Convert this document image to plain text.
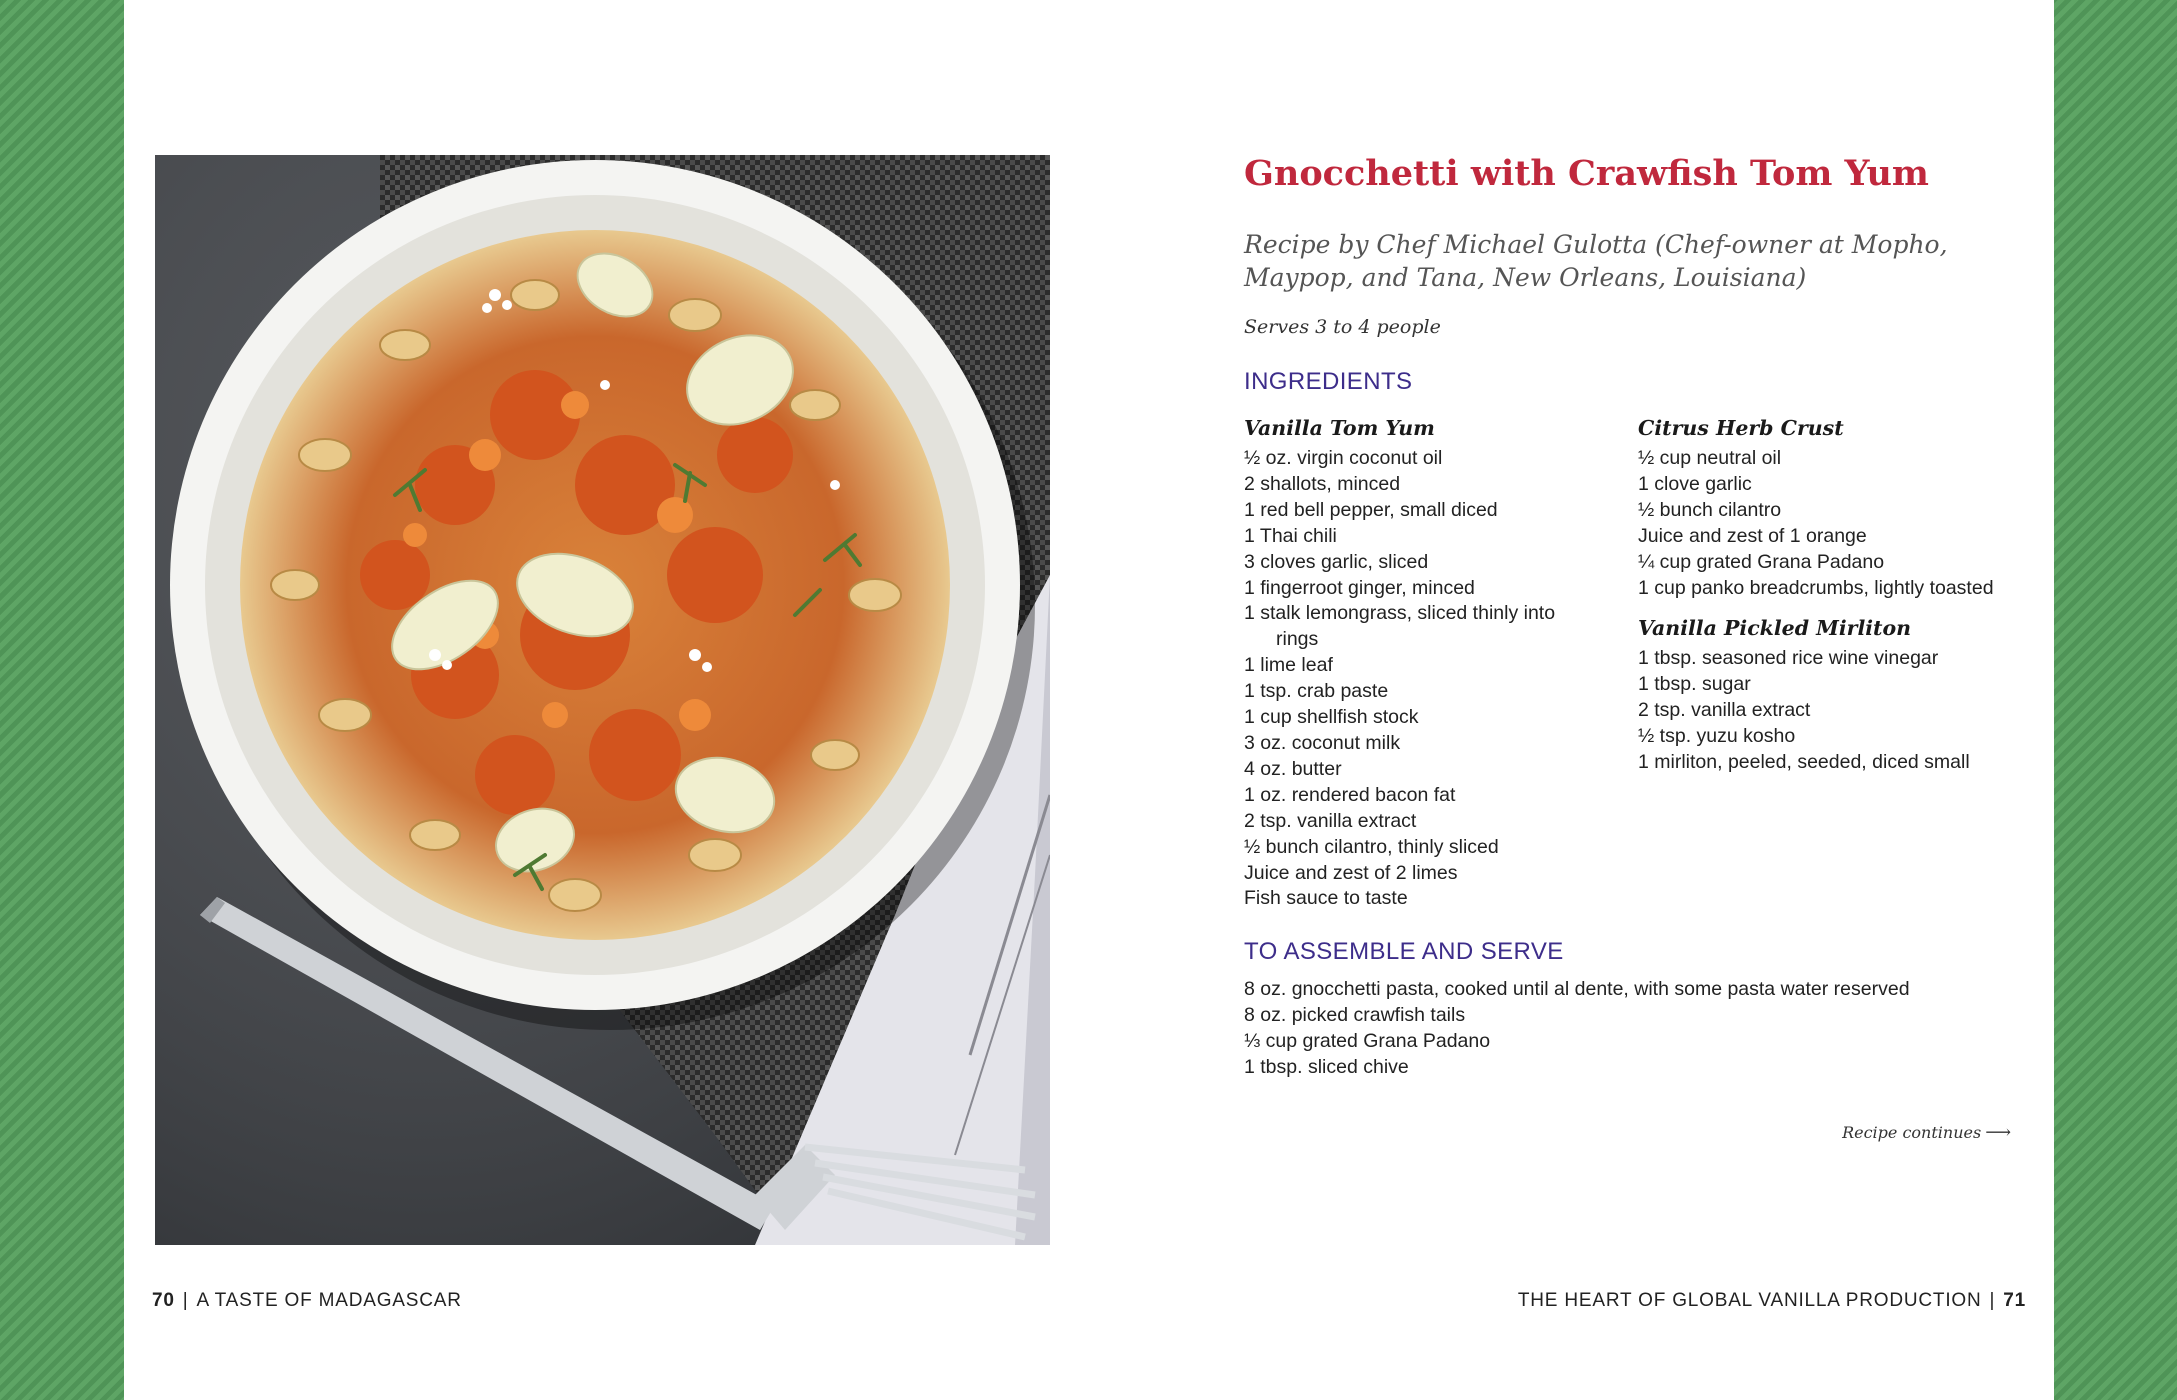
Gnocchetti with Crawfish Tom Yum
Recipe by Chef Michael Gulotta (Chef-owner at Mopho, Maypop, and Tana, New Orleans, Louisiana)
Serves 3 to 4 people
INGREDIENTS
Vanilla Tom Yum
½ oz. virgin coconut oil
2 shallots, minced
1 red bell pepper, small diced
1 Thai chili
3 cloves garlic, sliced
1 fingerroot ginger, minced
1 stalk lemongrass, sliced thinly into rings
1 lime leaf
1 tsp. crab paste
1 cup shellfish stock
3 oz. coconut milk
4 oz. butter
1 oz. rendered bacon fat
2 tsp. vanilla extract
½ bunch cilantro, thinly sliced
Juice and zest of 2 limes
Fish sauce to taste
Citrus Herb Crust
½ cup neutral oil
1 clove garlic
½ bunch cilantro
Juice and zest of 1 orange
¼ cup grated Grana Padano
1 cup panko breadcrumbs, lightly toasted
Vanilla Pickled Mirliton
1 tbsp. seasoned rice wine vinegar
1 tbsp. sugar
2 tsp. vanilla extract
½ tsp. yuzu kosho
1 mirliton, peeled, seeded, diced small
TO ASSEMBLE AND SERVE
8 oz. gnocchetti pasta, cooked until al dente, with some pasta water reserved
8 oz. picked crawfish tails
⅓ cup grated Grana Padano
1 tbsp. sliced chive
Recipe continues ⟶
70 | A TASTE OF MADAGASCAR	THE HEART OF GLOBAL VANILLA PRODUCTION | 71
